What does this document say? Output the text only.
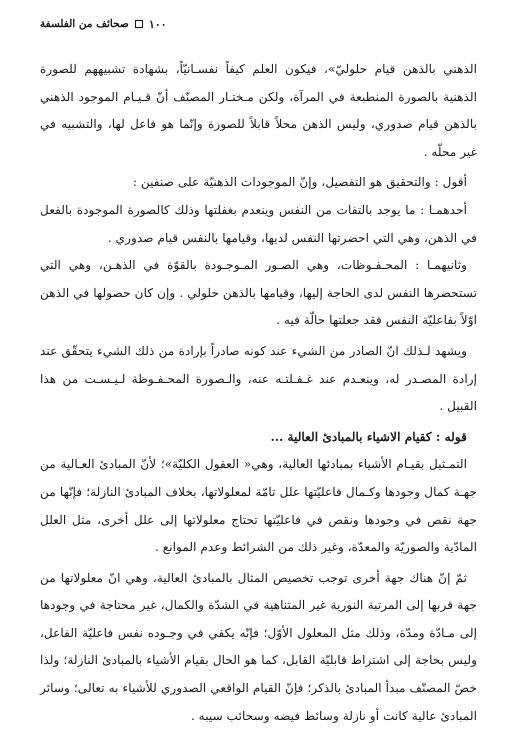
١٠٠
صحائف من الفلسفة

الذهني بالذهن قيام حلوليّ»، فيكون العلم كيفاً نفسـانيّاً، بشهادة تشبيههم للصورة الذهنية بالصورة المنطبعة في المرآة، ولكن مـختـار المصنّف أنّ قـيـام الموجود الذهني بالذهن قيام صدوري، وليس الذهن محلاً قابلاً للصورة وإنّما هو فاعل لها، والتشبيه في غير محلّه .

أقول : والتحقيق هو التفصيل، وإنّ الموجودات الذهنيّة على صنفين :

أحدهمـا : ما يوجد بالتفات من النفس وينعدم بغفلتها وذلك كالصورة الموجودة بالفعل في الذهن، وهي التي احضرتها النفس لديها، وقيامها بالنفس قيام صدوري .

وثانيهمـا : المحـفـوظات، وهي الصـور المـوجـودة بالقوّة في الذهـن، وهي التي تستحضرها النفس لدى الحاجة إليها، وقيامها بالذهن حلولي . وإن كان حصولها في الذهن اوّلاً بفاعليّة النفس فقد جعلتها حالّة فيه .

ويشهد لـذلك انّ الصادر من الشيء عند كونه صادراً بإرادة من ذلك الشيء يتحقّق عند إرادة المصـدر له، وينعـدم عند غـفـلتـه عنه، والـصورة المحـفـوظة لـيـسـت من هذا القبيل .

قوله : كقيام الاشياء بالمبادئ العالية ...

التمـثيل بقيـام الأشياء بمبادئها العالية، وهي« العقول الكليّة»؛ لأنّ المبادئ العـالية من جهـة كمال وجودها وكـمال فاعليّتها علل تامّة لمعلولاتها، بخلاف المبادئ النازلة؛ فإنّها من جهة نقص في وجودها ونقص في فاعليّتها تحتاج معلولاتها إلى علل أخرى، مثل العلل المادّية والصوريّة والمعدّة، وغير ذلك من الشرائط وعدم الموانع .

ثمّ إنّ هناك جهة أخرى توجب تخصيص المثال بالمبادئ العالية، وهي انّ معلولاتها من جهة قربها إلى المرتبة النورية غير المتناهية في الشدّة والكمال، غير محتاجة في وجودها إلى مـادّة ومدّة، وذلك مثل المعلول الأوّل؛ فإنّه يكفي في وجـوده نفس فاعليّة الفاعل، وليس بحاجة إلى اشتراط قابليّة القابل، كما هو الحال بقيام الأشياء بالمبادئ النازلة؛ ولذا خصّ المصنّف مبدأ المبادئ بالذكر؛ فإنّ القيام الواقعي الصدوري للأشياء به تعالى؛ وسائر المبادئ عالية كانت أو نازلة وسائط فيضه وسحائب سيبه .
